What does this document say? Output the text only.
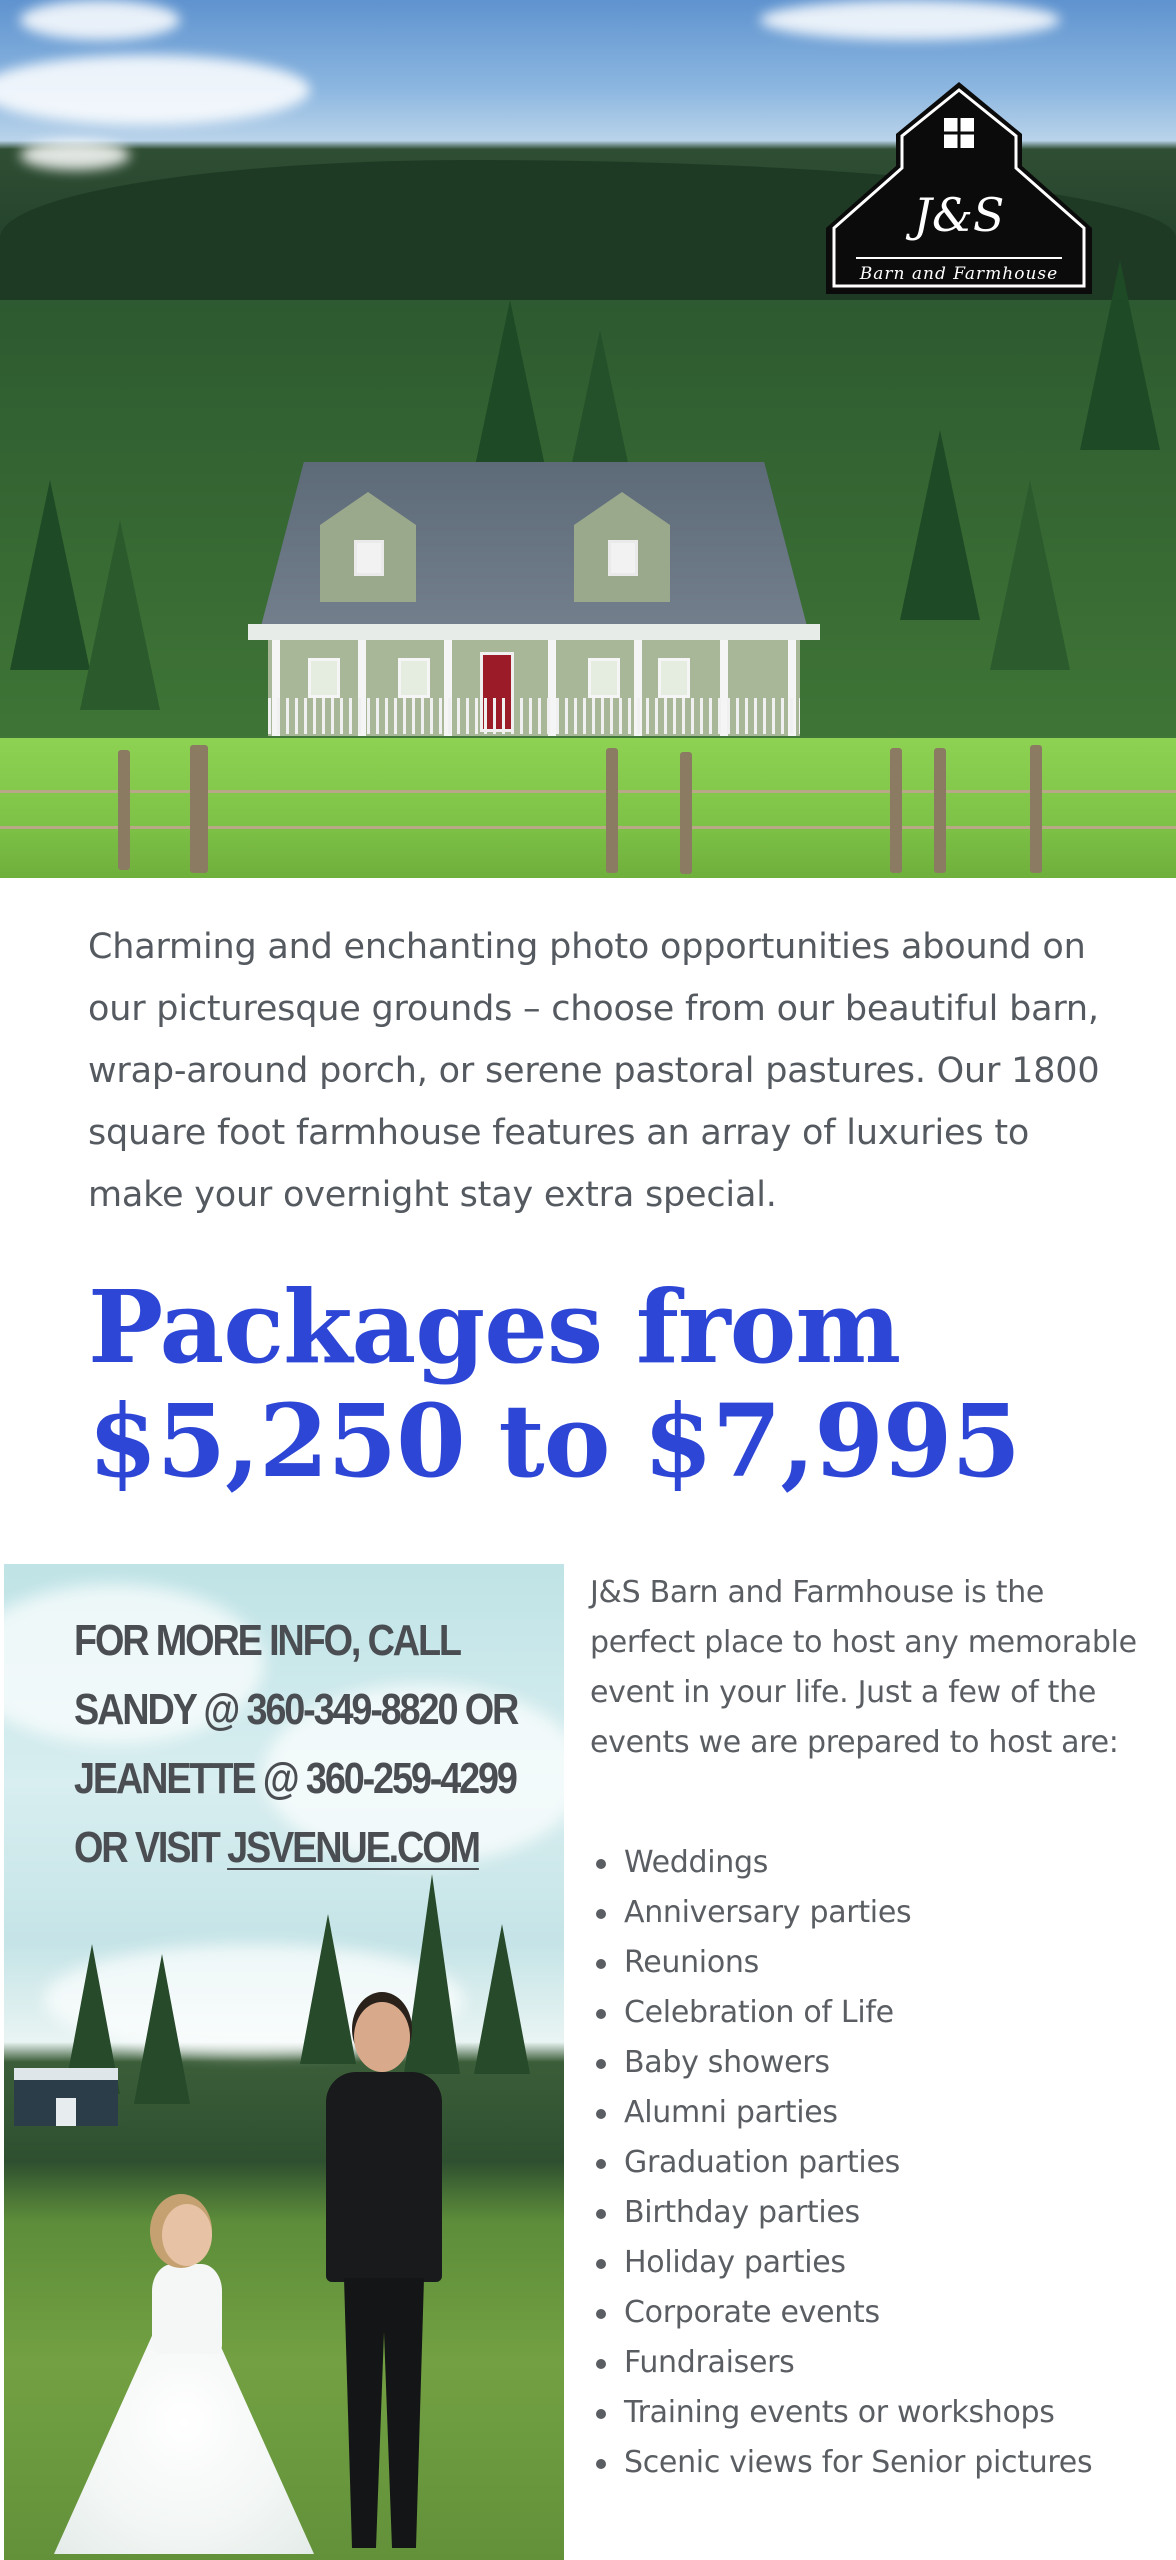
J&S
Barn and Farmhouse

Charming and enchanting photo opportunities abound on our picturesque grounds – choose from our beautiful barn, wrap-around porch, or serene pastoral pastures. Our 1800 square foot farmhouse features an array of luxuries to make your overnight stay extra special.

Packages from
$5,250 to $7,995
FOR MORE INFO, CALL
SANDY @ 360-349-8820 OR
JEANETTE @ 360-259-4299
OR VISIT JSVENUE.COM

J&S Barn and Farmhouse is the perfect place to host any memorable event in your life. Just a few of the events we are prepared to host are:

Weddings
Anniversary parties
Reunions
Celebration of Life
Baby showers
Alumni parties
Graduation parties
Birthday parties
Holiday parties
Corporate events
Fundraisers
Training events or workshops
Scenic views for Senior pictures
